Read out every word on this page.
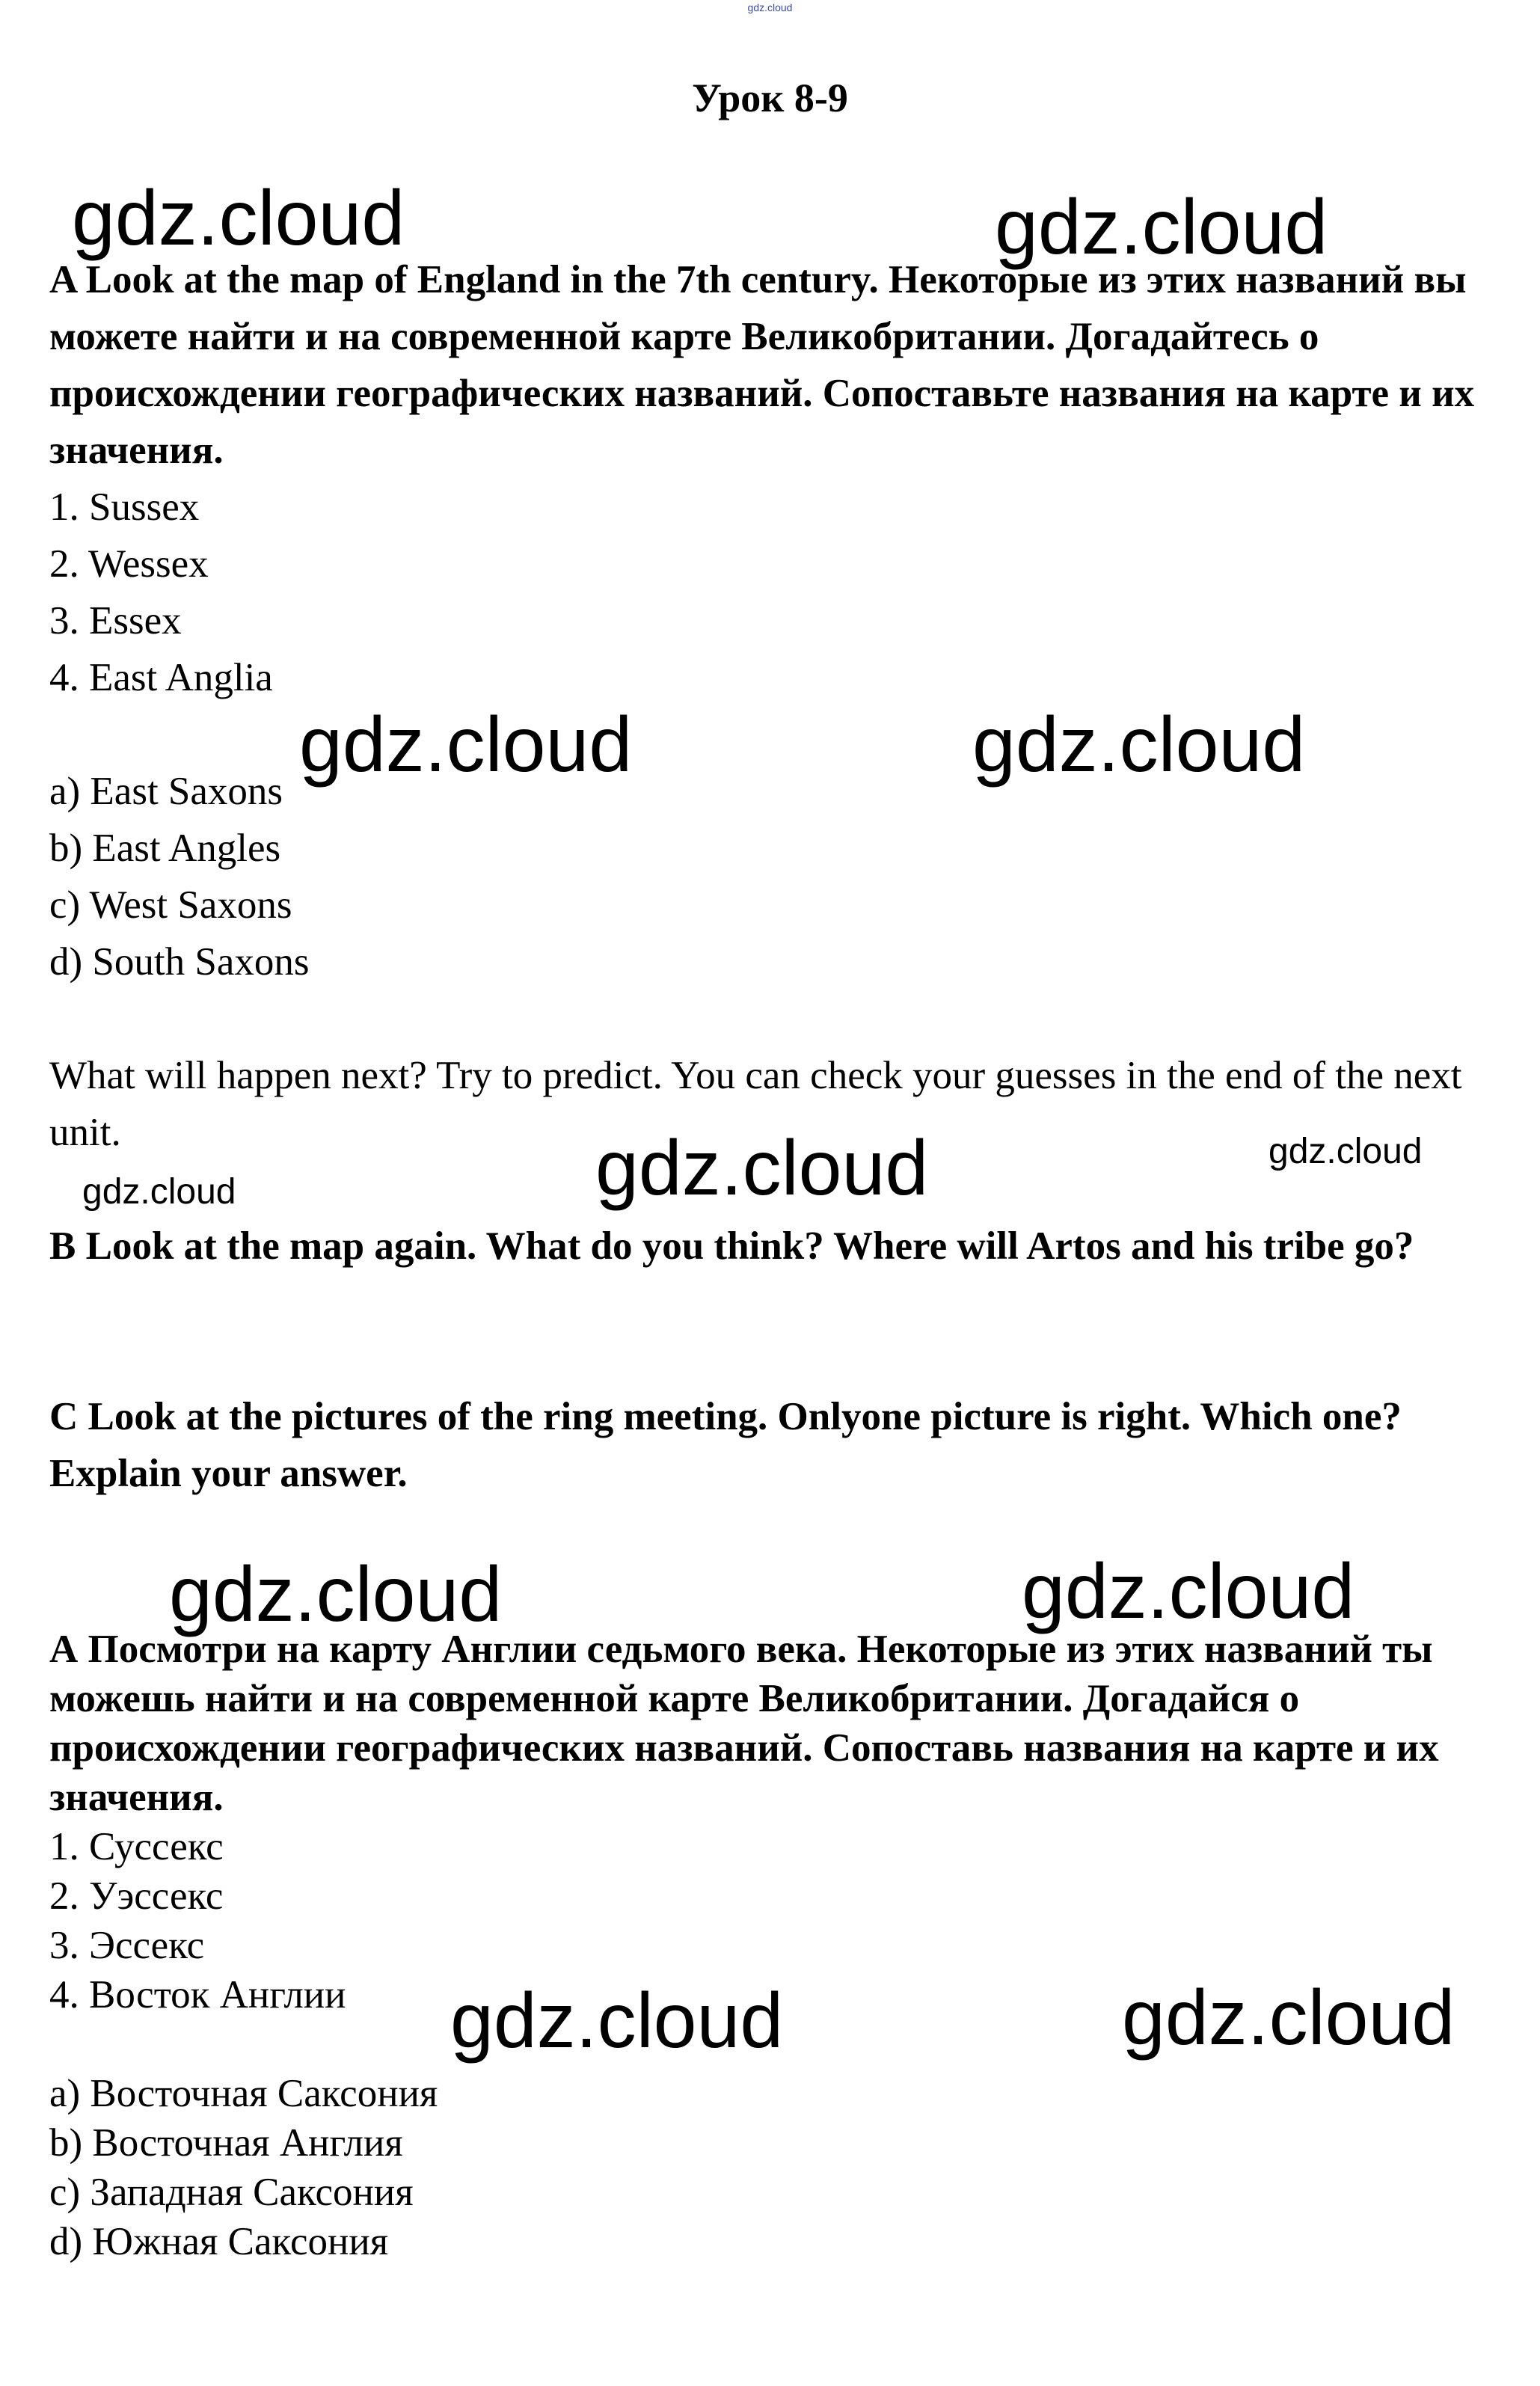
gdz.cloud
Урок 8-9

A Look at the map of England in the 7th century. Некоторые из этих названий вы можете найти и на современной карте Великобритании. Догадайтесь о происхождении географических названий. Сопоставьте названия на карте и их значения.

1. Sussex

2. Wessex

3. Essex

4. East Anglia

a) East Saxons

b) East Angles

c) West Saxons

d) South Saxons

What will happen next? Try to predict. You can check your guesses in the end of the next unit.

B Look at the map again. What do you think? Where will Artos and his tribe go?

C Look at the pictures of the ring meeting. Onlyone picture is right. Which one? Explain your answer.

А Посмотри на карту Англии седьмого века. Некоторые из этих названий ты можешь найти и на современной карте Великобритании. Догадайся о происхождении географических названий. Сопоставь названия на карте и их значения.

1. Суссекс

2. Уэссекс

3. Эссекс

4. Восток Англии

a) Восточная Саксония

b) Восточная Англия

c) Западная Саксония

d) Южная Саксония

gdz.cloud	gdz.cloud
gdz.cloud	gdz.cloud
gdz.cloud	gdz.cloud
gdz.cloud
gdz.cloud	gdz.cloud
gdz.cloud	gdz.cloud
